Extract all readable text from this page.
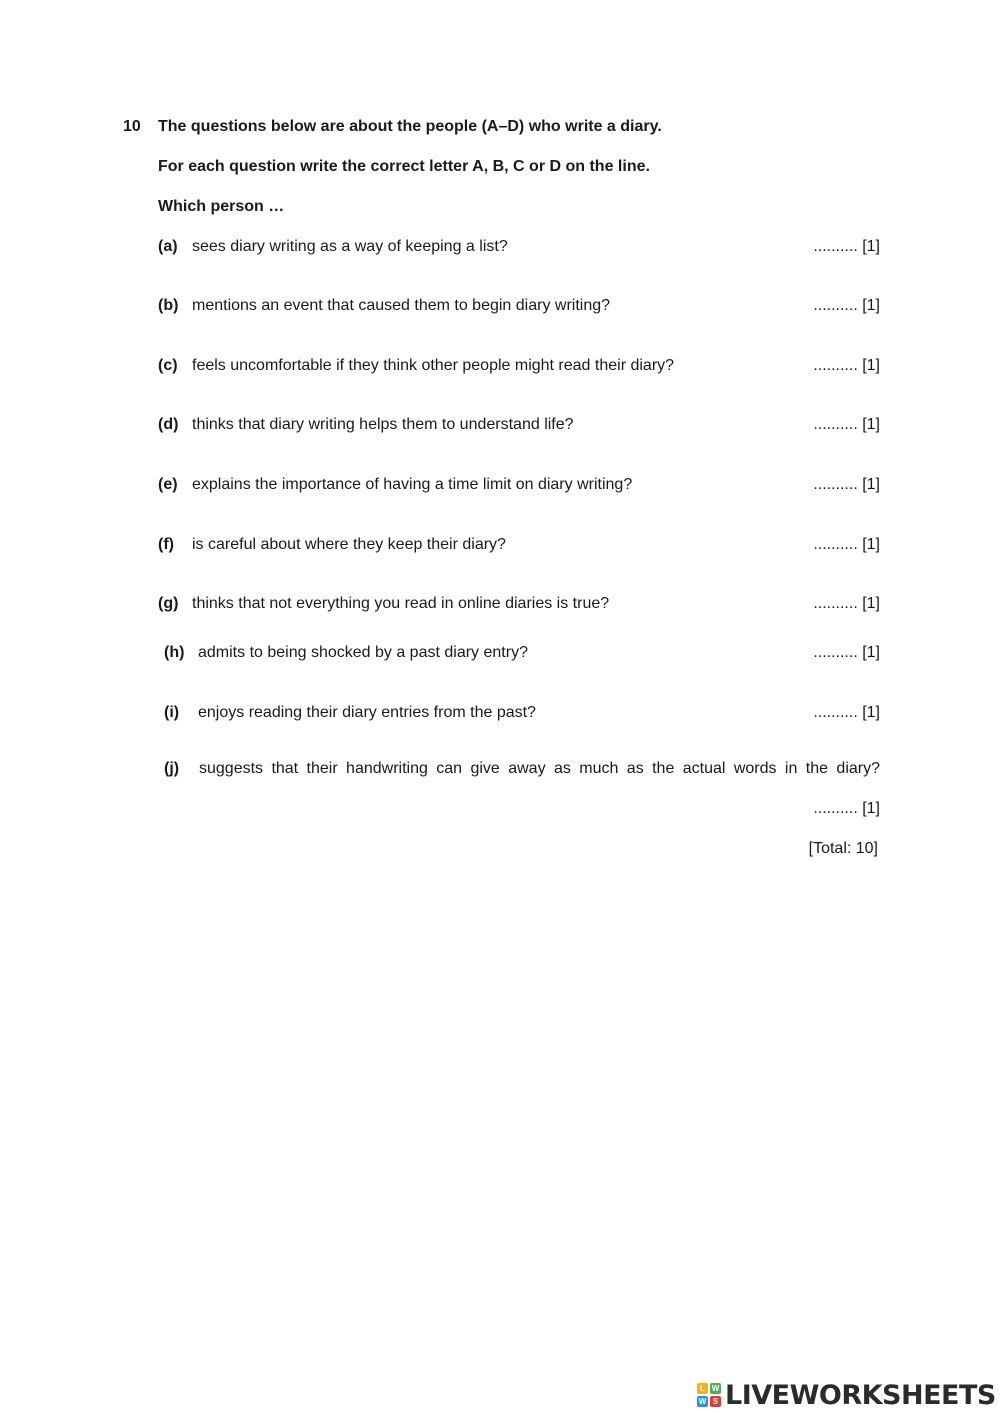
10 The questions below are about the people (A–D) who write a diary.
For each question write the correct letter A, B, C or D on the line.
Which person …
(a) sees diary writing as a way of keeping a list?	.......... [1]
(b) mentions an event that caused them to begin diary writing?	.......... [1]
(c) feels uncomfortable if they think other people might read their diary?	.......... [1]
(d) thinks that diary writing helps them to understand life?	.......... [1]
(e) explains the importance of having a time limit on diary writing?	.......... [1]
(f) is careful about where they keep their diary?	.......... [1]
(g) thinks that not everything you read in online diaries is true?	.......... [1]
(h) admits to being shocked by a past diary entry?	.......... [1]
(i) enjoys reading their diary entries from the past?	.......... [1]
(j) suggests that their handwriting can give away as much as the actual words in the diary?
.......... [1]
[Total: 10]
L W
W S LIVEWORKSHEETS
